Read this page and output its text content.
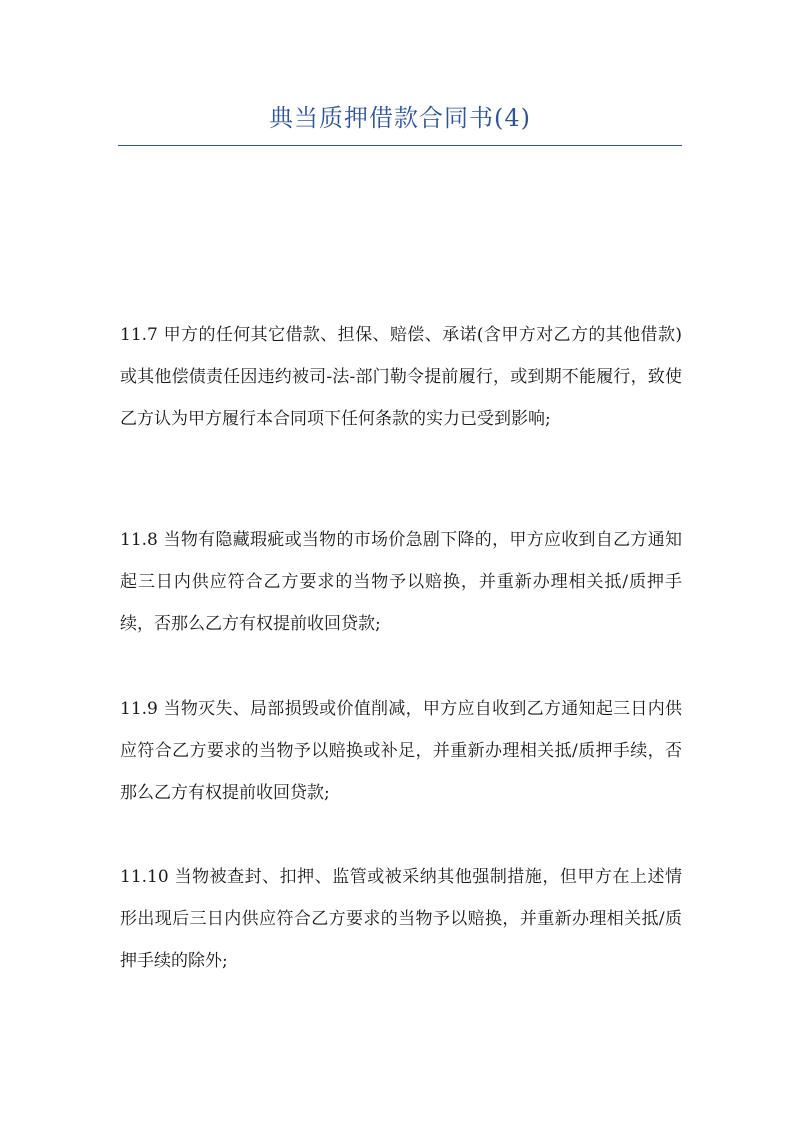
典当质押借款合同书(4)

11.7 甲方的任何其它借款、担保、赔偿、承诺(含甲方对乙方的其他借款)或其他偿债责任因违约被司-法-部门勒令提前履行，或到期不能履行，致使乙方认为甲方履行本合同项下任何条款的实力已受到影响;

11.8 当物有隐藏瑕疵或当物的市场价急剧下降的，甲方应收到自乙方通知起三日内供应符合乙方要求的当物予以赔换，并重新办理相关抵/质押手续，否那么乙方有权提前收回贷款;

11.9 当物灭失、局部损毁或价值削减，甲方应自收到乙方通知起三日内供应符合乙方要求的当物予以赔换或补足，并重新办理相关抵/质押手续，否那么乙方有权提前收回贷款;

11.10 当物被查封、扣押、监管或被采纳其他强制措施，但甲方在上述情形出现后三日内供应符合乙方要求的当物予以赔换，并重新办理相关抵/质押手续的除外;
